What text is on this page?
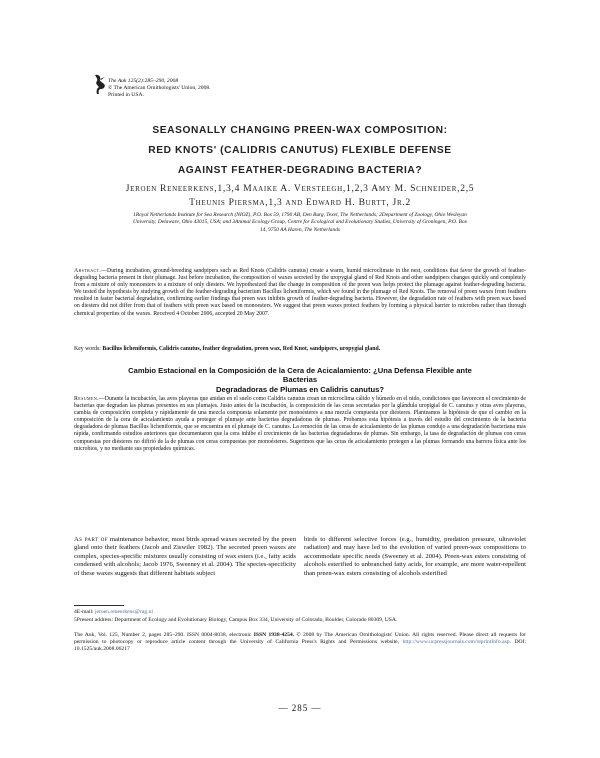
The Auk 125(2):285–290, 2008
© The American Ornithologists' Union, 2008.
Printed in USA.
SEASONALLY CHANGING PREEN-WAX COMPOSITION:
RED KNOTS' (CALIDRIS CANUTUS) FLEXIBLE DEFENSE
AGAINST FEATHER-DEGRADING BACTERIA?
Jeroen Reneerkens,1,3,4 Maaike A. Versteegh,1,2,3 Amy M. Schneider,2,5
Theunis Piersma,1,3 and Edward H. Burtt, Jr.2
1Royal Netherlands Institute for Sea Research (NIOZ), P.O. Box 59, 1790 AB, Den Burg, Texel, The Netherlands; 2Department of Zoology, Ohio Wesleyan University, Delaware, Ohio 43015, USA; and 3Animal Ecology Group, Centre for Ecological and Evolutionary Studies, University of Groningen, P.O. Box 14, 9750 AA Haren, The Netherlands
Abstract.—During incubation, ground-breeding sandpipers such as Red Knots (Calidris canutus) create a warm, humid microclimate in the nest, conditions that favor the growth of feather-degrading bacteria present in their plumage. Just before incubation, the composition of waxes secreted by the uropygial gland of Red Knots and other sandpipers changes quickly and completely from a mixture of only monoesters to a mixture of only diesters. We hypothesized that the change in composition of the preen wax helps protect the plumage against feather-degrading bacteria. We tested the hypothesis by studying growth of the feather-degrading bacterium Bacillus licheniformis, which we found in the plumage of Red Knots. The removal of preen waxes from feathers resulted in faster bacterial degradation, confirming earlier findings that preen wax inhibits growth of feather-degrading bacteria. However, the degradation rate of feathers with preen wax based on diesters did not differ from that of feathers with preen wax based on monoesters. We suggest that preen waxes protect feathers by forming a physical barrier to microbes rather than through chemical properties of the waxes. Received 4 October 2006, accepted 20 May 2007.
Key words: Bacillus licheniformis, Calidris canutus, feather degradation, preen wax, Red Knot, sandpipers, uropygial gland.
Cambio Estacional en la Composición de la Cera de Acicalamiento: ¿Una Defensa Flexible ante Bacterias
Degradadoras de Plumas en Calidris canutus?
Resumen.—Durante la incubación, las aves playeras que anidan en el suelo como Calidris canutus crean un microclima cálido y húmedo en el nido, condiciones que favorecen el crecimiento de bacterias que degradan las plumas presentes en sus plumajes. Justo antes de la incubación, la composición de las ceras secretadas por la glándula uropigial de C. canutus y otras aves playeras, cambia de composición completa y rápidamente de una mezcla compuesta solamente por monoésteres a una mezcla compuesta por diésteres. Planteamos la hipótesis de que el cambio en la composición de la cera de acicalamiento ayuda a proteger el plumaje ante bacterias degradadoras de plumas. Probamos esta hipótesis a través del estudio del crecimiento de la bacteria degradadora de plumas Bacillus licheniformis, que se encuentra en el plumaje de C. canutus. La remoción de las ceras de acicalamiento de las plumas condujo a una degradación bacteriana más rápida, confirmando estudios anteriores que documentaron que la cera inhibe el crecimiento de las bacterias degradadoras de plumas. Sin embargo, la tasa de degradación de plumas con ceras compuestas por diésteres no difirió de la de plumas con ceras compuestas por monoésteres. Sugerimos que las ceras de acicalamiento protegen a las plumas formando una barrera física ante los microbios, y no mediante sus propiedades químicas.
As part of maintenance behavior, most birds spread waxes secreted by the preen gland onto their feathers (Jacob and Ziswiler 1982). The secreted preen waxes are complex, species-specific mixtures usually consisting of wax esters (i.e., fatty acids condensed with alcohols; Jacob 1976, Sweeney et al. 2004). The species-specificity of these waxes suggests that different habitats subject
birds to different selective forces (e.g., humidity, predation pressure, ultraviolet radiation) and may have led to the evolution of varied preen-wax compositions to accommodate specific needs (Sweeney et al. 2004). Preen-wax esters consisting of alcohols esterified to unbranched fatty acids, for example, are more water-repellent than preen-wax esters consisting of alcohols esterified
4E-mail: jeroen.reneerkens@rug.nl
5Present address: Department of Ecology and Evolutionary Biology, Campus Box 334, University of Colorado, Boulder, Colorado 80309, USA.
The Auk, Vol. 125, Number 2, pages 285–290. ISSN 0004-8038, electronic ISSN 1938-4254. © 2008 by The American Ornithologists' Union. All rights reserved. Please direct all requests for permission to photocopy or reproduce article content through the University of California Press's Rights and Permissions website, http://www.ucpressjournals.com/reprintInfo.asp. DOI: 10.1525/auk.2008.06217
— 285 —
